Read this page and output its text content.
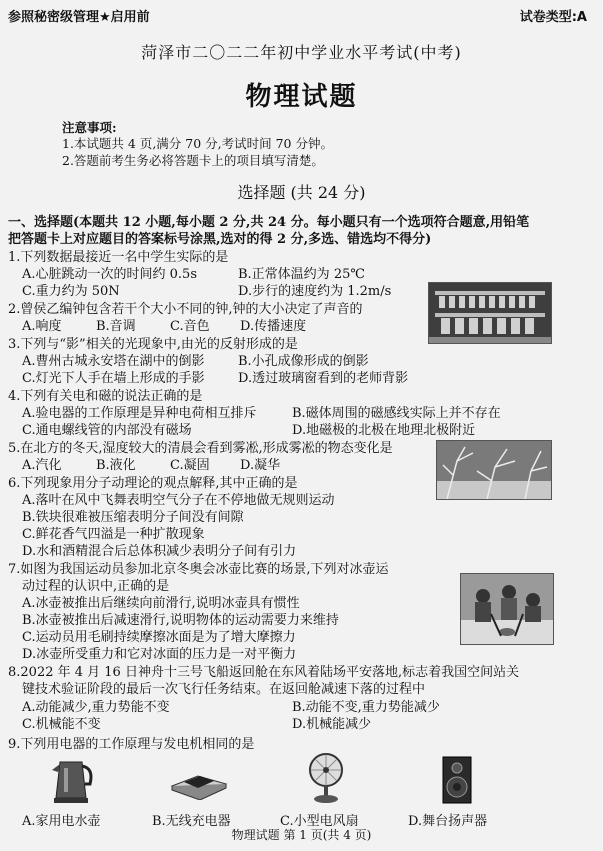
参照秘密级管理★启用前	试卷类型:A
菏泽市二〇二二年初中学业水平考试(中考)
物理试题
注意事项:
1.本试题共 4 页,满分 70 分,考试时间 70 分钟。
2.答题前考生务必将答题卡上的项目填写清楚。
选择题 (共 24 分)
一、选择题(本题共 12 小题,每小题 2 分,共 24 分。每小题只有一个选项符合题意,用铅笔
把答题卡上对应题目的答案标号涂黑,选对的得 2 分,多选、错选均不得分)
1.下列数据最接近一名中学生实际的是
A.心脏跳动一次的时间约 0.5s	B.正常体温约为 25℃
C.重力约为 50N	D.步行的速度约为 1.2m/s
2.曾侯乙编钟包含若干个大小不同的钟,钟的大小决定了声音的
A.响度	B.音调	C.音色 D.传播速度
3.下列与“影”相关的光现象中,由光的反射形成的是
A.曹州古城永安塔在湖中的倒影	B.小孔成像形成的倒影
C.灯光下人手在墙上形成的手影	D.透过玻璃窗看到的老师背影
4.下列有关电和磁的说法正确的是
A.验电器的工作原理是异种电荷相互排斥	B.磁体周围的磁感线实际上并不存在
C.通电螺线管的内部没有磁场	D.地磁极的北极在地理北极附近
5.在北方的冬天,湿度较大的清晨会看到雾凇,形成雾凇的物态变化是
A.汽化	B.液化	C.凝固 D.凝华
6.下列现象用分子动理论的观点解释,其中正确的是
A.落叶在风中飞舞表明空气分子在不停地做无规则运动
B.铁块很难被压缩表明分子间没有间隙
C.鲜花香气四溢是一种扩散现象
D.水和酒精混合后总体积减少表明分子间有引力
7.如图为我国运动员参加北京冬奥会冰壶比赛的场景,下列对冰壶运
动过程的认识中,正确的是
A.冰壶被推出后继续向前滑行,说明冰壶具有惯性
B.冰壶被推出后减速滑行,说明物体的运动需要力来维持
C.运动员用毛刷持续摩擦冰面是为了增大摩擦力
D.冰壶所受重力和它对冰面的压力是一对平衡力
8.2022 年 4 月 16 日神舟十三号飞船返回舱在东风着陆场平安落地,标志着我国空间站关
键技术验证阶段的最后一次飞行任务结束。在返回舱减速下落的过程中
A.动能减少,重力势能不变	B.动能不变,重力势能减少
C.机械能不变	D.机械能减少
9.下列用电器的工作原理与发电机相同的是
A.家用电水壶	B.无线充电器	C.小型电风扇	D.舞台扬声器
物理试题 第 1 页(共 4 页)
